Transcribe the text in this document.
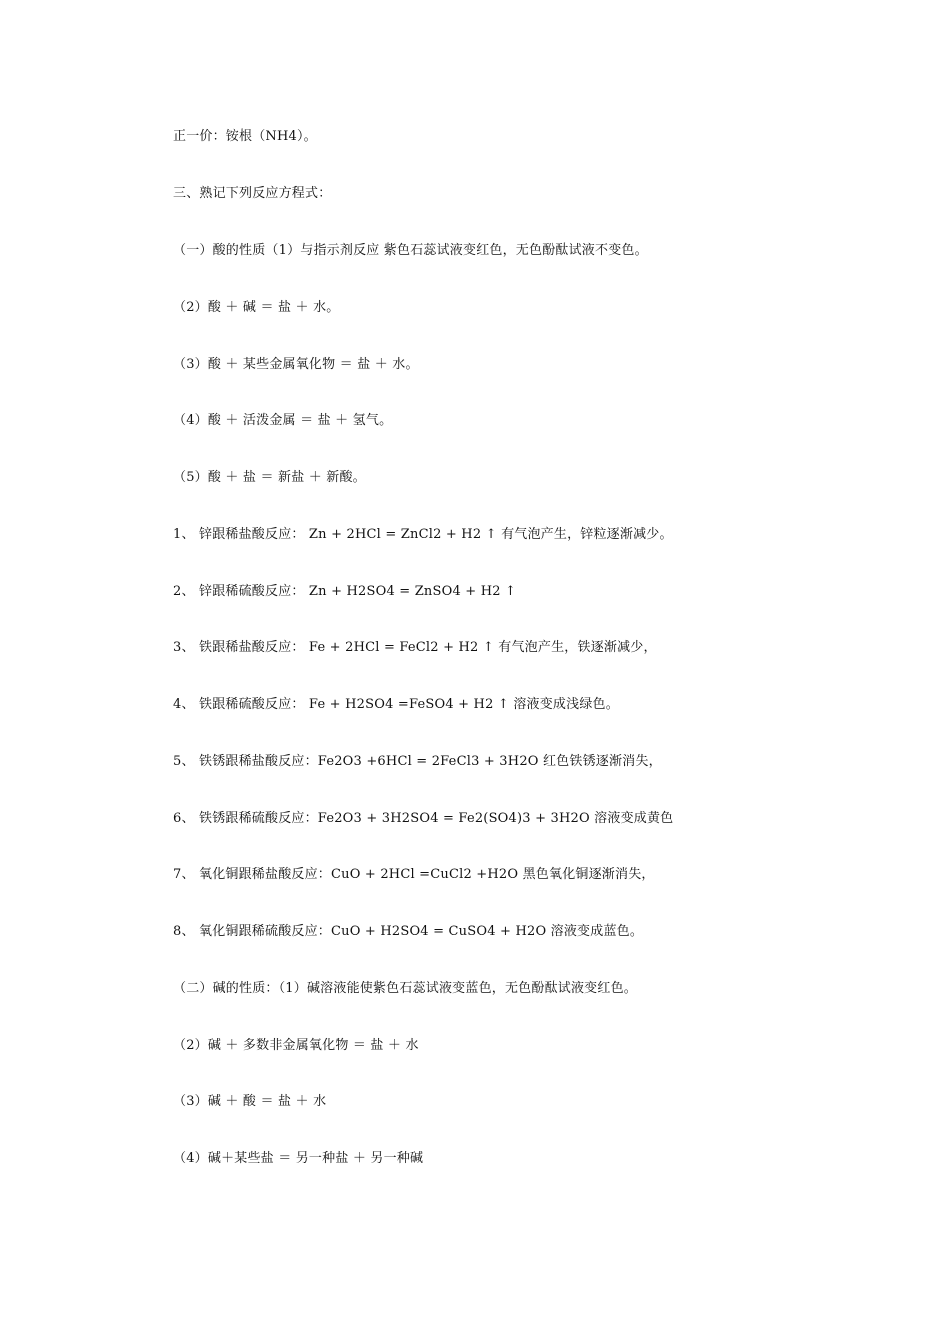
正一价：铵根（NH4）。
三、熟记下列反应方程式：
（一）酸的性质（1）与指示剂反应 紫色石蕊试液变红色，无色酚酞试液不变色。
（2）酸 ＋ 碱 ＝ 盐 ＋ 水。
（3）酸 ＋ 某些金属氧化物 ＝ 盐 ＋ 水。
（4）酸 ＋ 活泼金属 ＝ 盐 ＋ 氢气。
（5）酸 ＋ 盐 ＝ 新盐 ＋ 新酸。
1、 锌跟稀盐酸反应： Zn + 2HCl = ZnCl2 + H2 ↑ 有气泡产生，锌粒逐渐减少。
2、 锌跟稀硫酸反应： Zn + H2SO4 = ZnSO4 + H2 ↑
3、 铁跟稀盐酸反应： Fe + 2HCl = FeCl2 + H2 ↑ 有气泡产生，铁逐渐减少，
4、 铁跟稀硫酸反应： Fe + H2SO4 =FeSO4 + H2 ↑ 溶液变成浅绿色。
5、 铁锈跟稀盐酸反应：Fe2O3 +6HCl = 2FeCl3 + 3H2O 红色铁锈逐渐消失，
6、 铁锈跟稀硫酸反应：Fe2O3 + 3H2SO4 = Fe2(SO4)3 + 3H2O 溶液变成黄色
7、 氧化铜跟稀盐酸反应：CuO + 2HCl =CuCl2 +H2O 黑色氧化铜逐渐消失，
8、 氧化铜跟稀硫酸反应：CuO + H2SO4 = CuSO4 + H2O 溶液变成蓝色。
（二）碱的性质：（1）碱溶液能使紫色石蕊试液变蓝色，无色酚酞试液变红色。
（2）碱 ＋ 多数非金属氧化物 ＝ 盐 ＋ 水
（3）碱 ＋ 酸 ＝ 盐 ＋ 水
（4）碱＋某些盐 ＝ 另一种盐 ＋ 另一种碱
